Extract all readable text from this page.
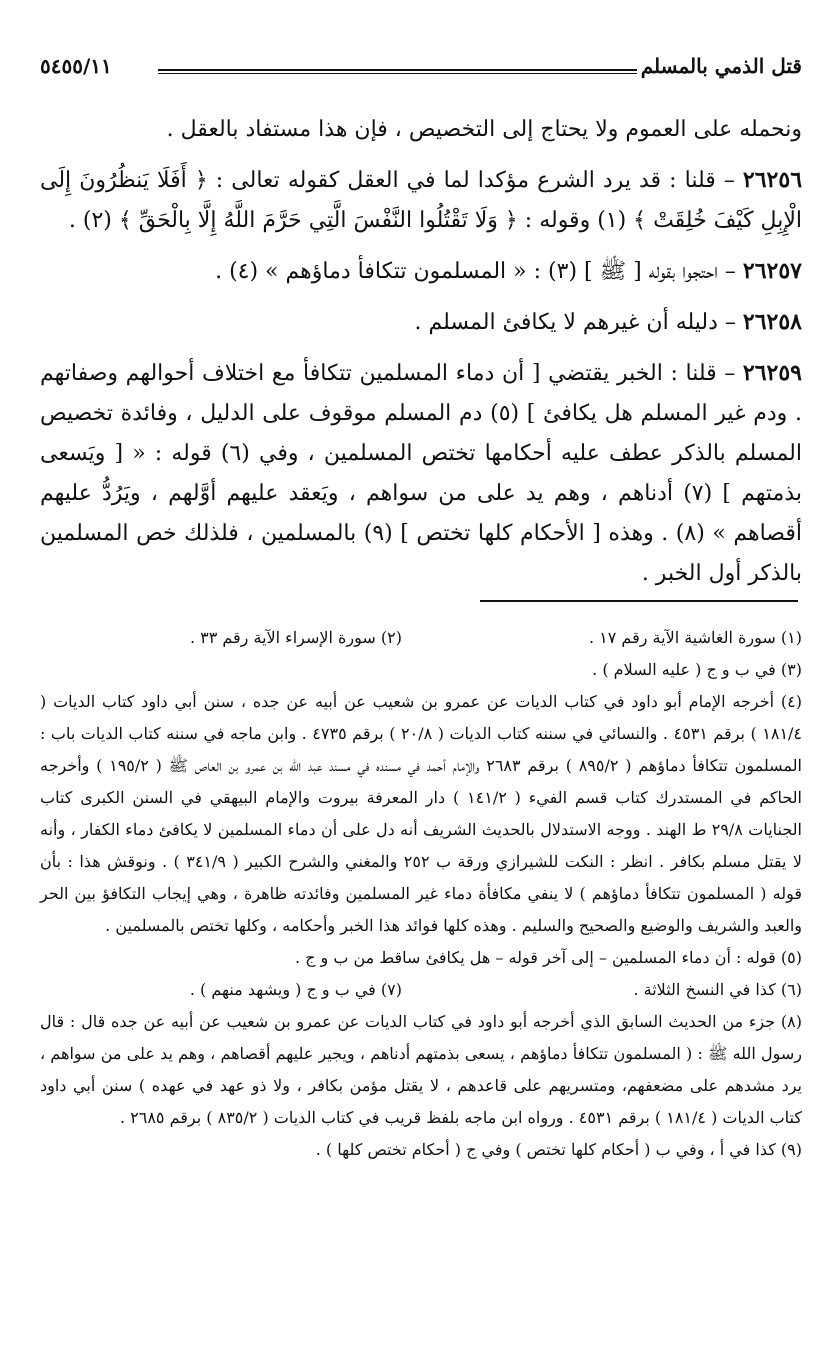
قتل الذمي بالمسلم
٥٤٥٥/١١

ونحمله على العموم ولا يحتاج إلى التخصيص ، فإن هذا مستفاد بالعقل .

٢٦٢٥٦ – قلنا : قد يرد الشرع مؤكدا لما في العقل كقوله تعالى : ﴿ أَفَلَا يَنظُرُونَ إِلَى الْإِبِلِ كَيْفَ خُلِقَتْ ﴾ (١) وقوله : ﴿ وَلَا تَقْتُلُوا النَّفْسَ الَّتِي حَرَّمَ اللَّهُ إِلَّا بِالْحَقِّ ﴾ (٢) .

٢٦٢٥٧ – احتجوا بقوله [ ﷺ ] (٣) : « المسلمون تتكافأ دماؤهم » (٤) .

٢٦٢٥٨ – دليله أن غيرهم لا يكافئ المسلم .

٢٦٢٥٩ – قلنا : الخبر يقتضي [ أن دماء المسلمين تتكافأ مع اختلاف أحوالهم وصفاتهم . ودم غير المسلم هل يكافئ ] (٥) دم المسلم موقوف على الدليل ، وفائدة تخصيص المسلم بالذكر عطف عليه أحكامها تختص المسلمين ، وفي (٦) قوله : « [ ويَسعى بذمتهم ] (٧) أدناهم ، وهم يد على من سواهم ، ويَعقد عليهم أوَّلهم ، ويَرُدُّ عليهم أقصاهم » (٨) . وهذه [ الأحكام كلها تختص ] (٩) بالمسلمين ، فلذلك خص المسلمين بالذكر أول الخبر .

(١) سورة الغاشية الآية رقم ١٧ .
(٢) سورة الإسراء الآية رقم ٣٣ .

(٣) في ب و ج ( عليه السلام ) .

(٤) أخرجه الإمام أبو داود في كتاب الديات عن عمرو بن شعيب عن أبيه عن جده ، سنن أبي داود كتاب الديات ( ١٨١/٤ ) برقم ٤٥٣١ . والنسائي في سننه كتاب الديات ( ٢٠/٨ ) برقم ٤٧٣٥ . وابن ماجه في سننه كتاب الديات باب : المسلمون تتكافأ دماؤهم ( ٨٩٥/٢ ) برقم ٢٦٨٣ والإمام أحمد في مسنده في مسند عبد الله بن عمرو بن العاص ﷺ ( ١٩٥/٢ ) وأخرجه الحاكم في المستدرك كتاب قسم الفيء ( ١٤١/٢ ) دار المعرفة بيروت والإمام البيهقي في السنن الكبرى كتاب الجنايات ٢٩/٨ ط الهند . ووجه الاستدلال بالحديث الشريف أنه دل على أن دماء المسلمين لا يكافئ دماء الكفار ، وأنه لا يقتل مسلم بكافر . انظر : النكت للشيرازي ورقة ب ٢٥٢ والمغني والشرح الكبير ( ٣٤١/٩ ) . ونوقش هذا : بأن قوله ( المسلمون تتكافأ دماؤهم ) لا ينفي مكافأة دماء غير المسلمين وفائدته ظاهرة ، وهي إيجاب التكافؤ بين الحر والعبد والشريف والوضيع والصحيح والسليم . وهذه كلها فوائد هذا الخبر وأحكامه ، وكلها تختص بالمسلمين .

(٥) قوله : أن دماء المسلمين – إلى آخر قوله – هل يكافئ ساقط من ب و ج .

(٦) كذا في النسخ الثلاثة .
(٧) في ب و ج ( ويشهد منهم ) .

(٨) جزء من الحديث السابق الذي أخرجه أبو داود في كتاب الديات عن عمرو بن شعيب عن أبيه عن جده قال : قال رسول الله ﷺ : ( المسلمون تتكافأ دماؤهم ، يسعى بذمتهم أدناهم ، ويجير عليهم أقصاهم ، وهم يد على من سواهم ، يرد مشدهم على مضعفهم، ومتسريهم على قاعدهم ، لا يقتل مؤمن بكافر ، ولا ذو عهد في عهده ) سنن أبي داود كتاب الديات ( ١٨١/٤ ) برقم ٤٥٣١ . ورواه ابن ماجه بلفظ قريب في كتاب الديات ( ٨٣٥/٢ ) برقم ٢٦٨٥ .

(٩) كذا في أ ، وفي ب ( أحكام كلها تختص ) وفي ج ( أحكام تختص كلها ) .
